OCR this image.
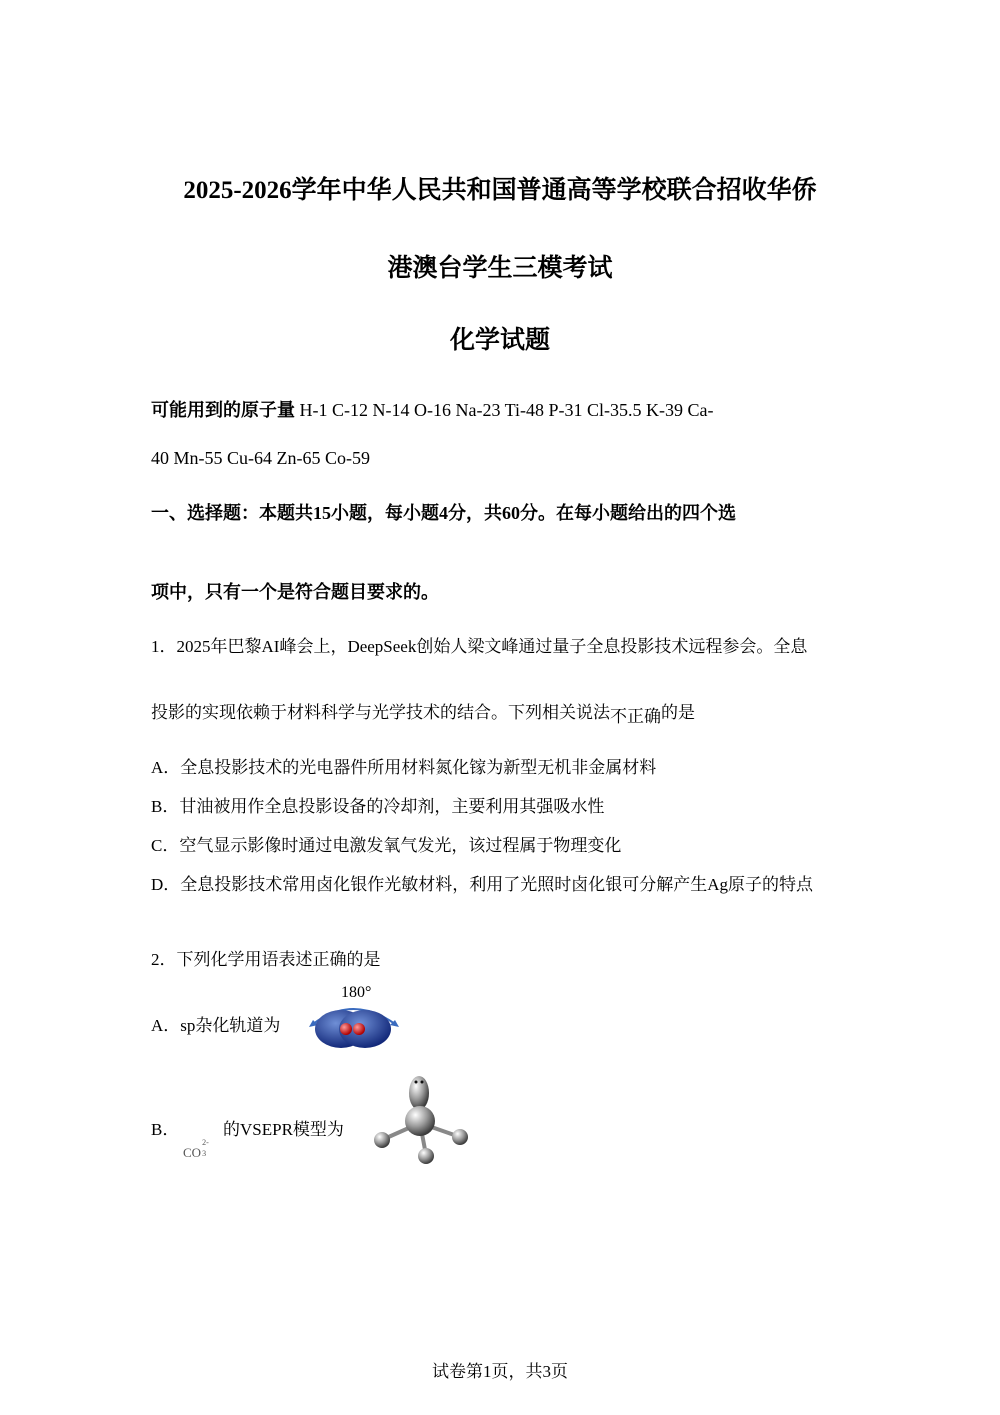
2025-2026学年中华人民共和国普通高等学校联合招收华侨
港澳台学生三模考试
化学试题
可能用到的原子量 H-1 C-12 N-14 O-16 Na-23 Ti-48 P-31 Cl-35.5 K-39 Ca-
40 Mn-55 Cu-64 Zn-65 Co-59
一、选择题：本题共15小题，每小题4分，共60分。在每小题给出的四个选
项中，只有一个是符合题目要求的。
1．2025年巴黎AI峰会上，DeepSeek创始人梁文峰通过量子全息投影技术远程参会。全息
投影的实现依赖于材料科学与光学技术的结合。下列相关说法不正确的是
A．全息投影技术的光电器件所用材料氮化镓为新型无机非金属材料
B．甘油被用作全息投影设备的冷却剂，主要利用其强吸水性
C．空气显示影像时通过电激发氧气发光，该过程属于物理变化
D．全息投影技术常用卤化银作光敏材料，利用了光照时卤化银可分解产生Ag原子的特点
2．下列化学用语表述正确的是
A．sp杂化轨道为
180°
B．	的VSEPR模型为
CO
2-
3
试卷第1页，共3页
